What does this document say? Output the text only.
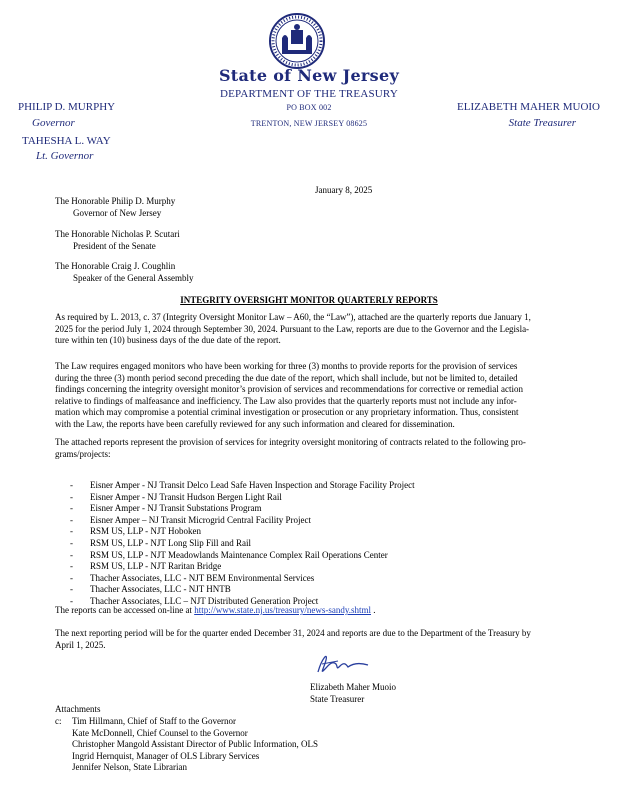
State of New Jersey
DEPARTMENT OF THE TREASURY
PO BOX 002
TRENTON, NEW JERSEY 08625
PHILIP D. MURPHY
Governor
TAHESHA L. WAY
Lt. Governor
ELIZABETH MAHER MUOIO
State Treasurer
January 8, 2025
The Honorable Philip D. Murphy
Governor of New Jersey
The Honorable Nicholas P. Scutari
President of the Senate
The Honorable Craig J. Coughlin
Speaker of the General Assembly
INTEGRITY OVERSIGHT MONITOR QUARTERLY REPORTS
As required by L. 2013, c. 37 (Integrity Oversight Monitor Law – A60, the “Law”), attached are the quarterly reports due January 1,
2025 for the period July 1, 2024 through September 30, 2024. Pursuant to the Law, reports are due to the Governor and the Legisla-
ture within ten (10) business days of the due date of the report.
The Law requires engaged monitors who have been working for three (3) months to provide reports for the provision of services
during the three (3) month period second preceding the due date of the report, which shall include, but not be limited to, detailed
findings concerning the integrity oversight monitor’s provision of services and recommendations for corrective or remedial action
relative to findings of malfeasance and inefficiency. The Law also provides that the quarterly reports must not include any infor-
mation which may compromise a potential criminal investigation or prosecution or any proprietary information. Thus, consistent
with the Law, the reports have been carefully reviewed for any such information and cleared for dissemination.
The attached reports represent the provision of services for integrity oversight monitoring of contracts related to the following pro-
grams/projects:
- Eisner Amper - NJ Transit Delco Lead Safe Haven Inspection and Storage Facility Project
- Eisner Amper - NJ Transit Hudson Bergen Light Rail
- Eisner Amper - NJ Transit Substations Program
- Eisner Amper – NJ Transit Microgrid Central Facility Project
- RSM US, LLP - NJT Hoboken
- RSM US, LLP - NJT Long Slip Fill and Rail
- RSM US, LLP - NJT Meadowlands Maintenance Complex Rail Operations Center
- RSM US, LLP - NJT Raritan Bridge
- Thacher Associates, LLC - NJT BEM Environmental Services
- Thacher Associates, LLC - NJT HNTB
- Thacher Associates, LLC – NJT Distributed Generation Project
The reports can be accessed on-line at http://www.state.nj.us/treasury/news-sandy.shtml .
The next reporting period will be for the quarter ended December 31, 2024 and reports are due to the Department of the Treasury by
April 1, 2025.
Elizabeth Maher Muoio
State Treasurer
Attachments
c: Tim Hillmann, Chief of Staff to the Governor
Kate McDonnell, Chief Counsel to the Governor
Christopher Mangold Assistant Director of Public Information, OLS
Ingrid Hernquist, Manager of OLS Library Services
Jennifer Nelson, State Librarian
